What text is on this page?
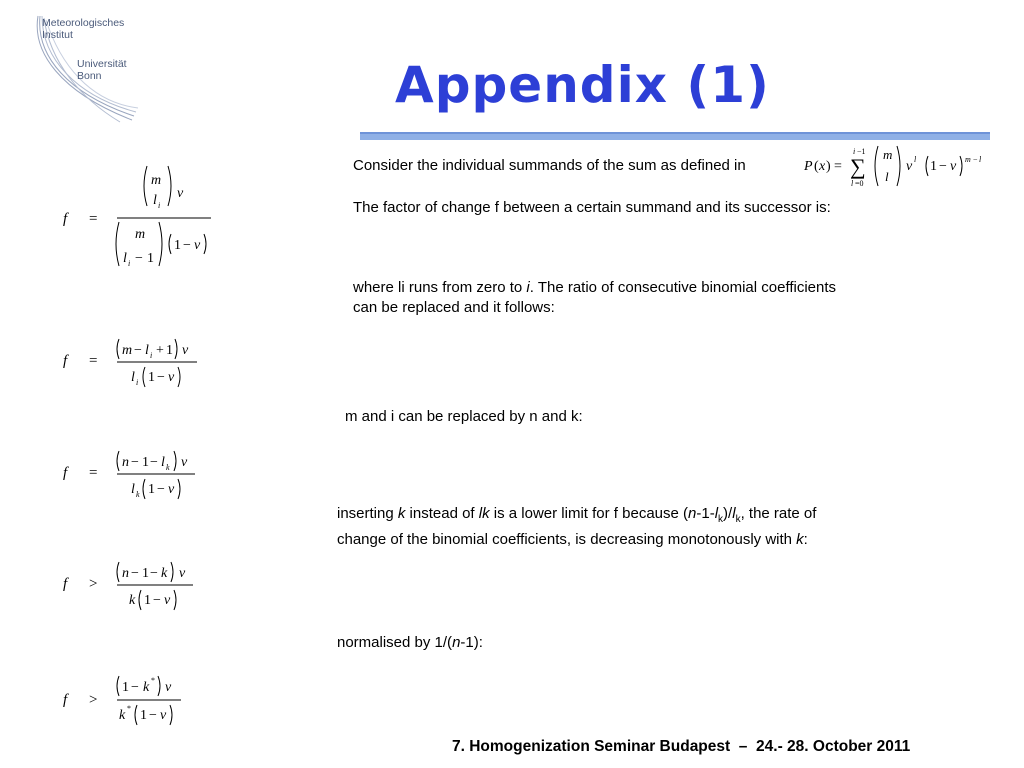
Meteorologisches
Institut
Universität
Bonn	Appendix (1)
Consider the individual summands of the sum as defined in	P ( x ) =
i −1
∑
l =0
m
l
v l 1 − v m − l
The factor of change f between a certain summand and its successor is:
where li runs from zero to i. The ratio of consecutive binomial coefficients
can be replaced and it follows:
m and i can be replaced by n and k:
inserting k instead of lk is a lower limit for f because $(n-1-l_k)/l_k$, the rate of
change of the binomial coefficients, is decreasing monotonously with k:
normalised by 1/(n-1):
f =
m
l i
v
m
l i − 1
1 − v
f =
m − l i + 1 v
l i 1 − v
f =
n − 1 − l k v
l k 1 − v
f >
n − 1 − k v
k 1 − v
f >
1 − k * v
k * 1 − v
7. Homogenization Seminar Budapest  –  24.- 28. October 2011
